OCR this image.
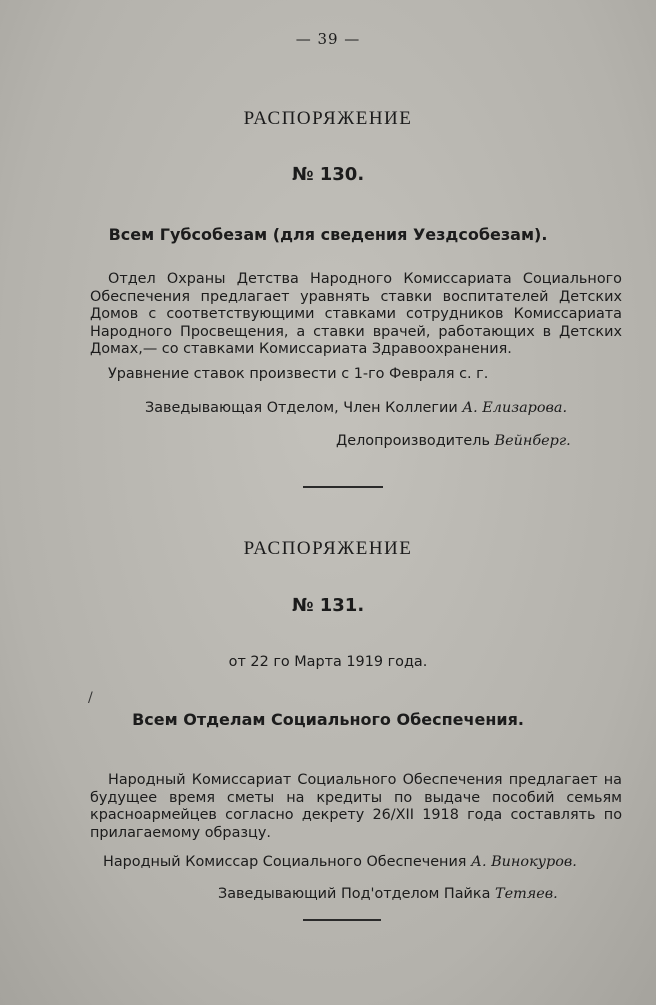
— 39 —
РАСПОРЯЖЕНИЕ
№ 130.
Всем Губсобезам (для сведения Уездсобезам).
Отдел Охраны Детства Народного Комиссариата Социального Обеспечения предлагает уравнять ставки воспитателей Детских Домов с соответствующими ставками сотрудников Комиссариата Народного Просвещения, а ставки врачей, работающих в Детских Домах,— со ставками Комиссариата Здравоохранения.
Уравнение ставок произвести с 1-го Февраля с. г.
Заведывающая Отделом, Член Коллегии А. Елизарова.
Делопроизводитель Вейнберг.
РАСПОРЯЖЕНИЕ
№ 131.
от 22 го Марта 1919 года.
/
Всем Отделам Социального Обеспечения.
Народный Комиссариат Социального Обеспечения предлагает на будущее время сметы на кредиты по выдаче пособий семьям красноармейцев согласно декрету 26/XII 1918 года составлять по прилагаемому образцу.
Народный Комиссар Социального Обеспечения А. Винокуров.
Заведывающий Под'отделом Пайка Тетяев.
